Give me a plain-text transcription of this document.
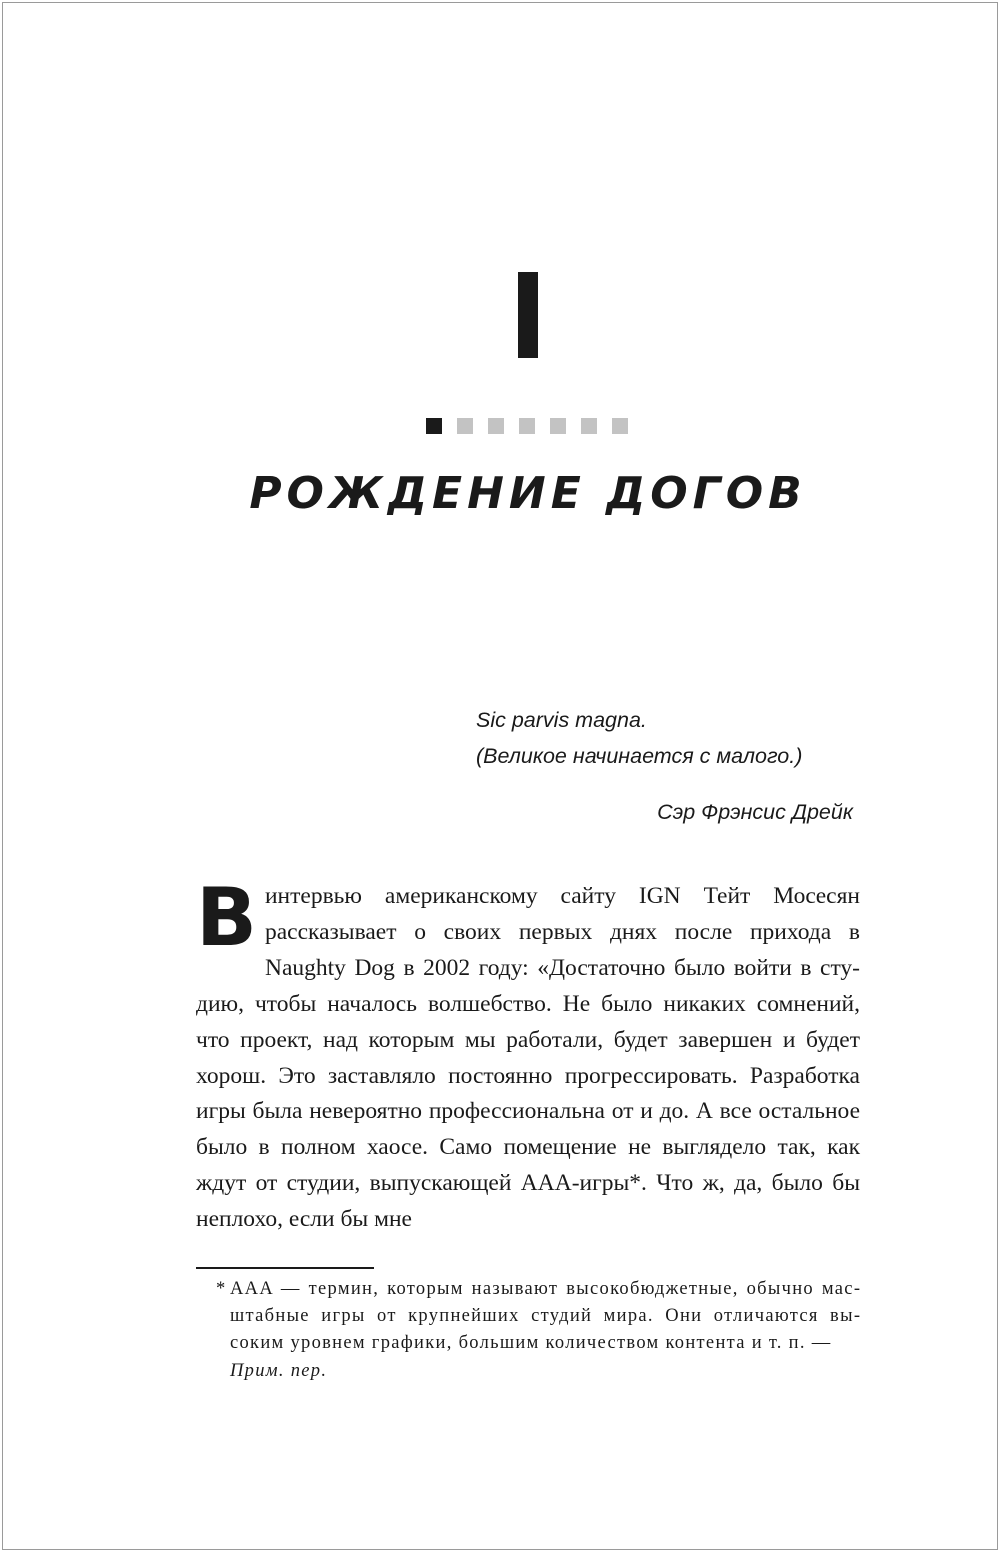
РОЖДЕНИЕ ДОГОВ
Sic parvis magna.
(Великое начинается с малого.)
Сэр Фрэнсис Дрейк

В интервью американскому сайту IGN Тейт Моceсян рассказывает о своих первых днях после прихода в Naughty Dog в 2002 году: «Достаточно было войти в студию, чтобы началось волшебство. Не было никаких сомнений, что проект, над которым мы работали, будет завершен и будет хорош. Это заставляло постоянно прогрессировать. Разработка игры была невероятно профессиональна от и до. А все остальное было в полном хаосе. Само помещение не выглядело так, как ждут от студии, выпускающей AAA-игры*. Что ж, да, было бы неплохо, если бы мне

* AAA — термин, которым называют высокобюджетные, обычно масштабные игры от крупнейших студий мира. Они отличаются высоким уровнем графики, большим количеством контента и т. п. —
Прим. пер.
